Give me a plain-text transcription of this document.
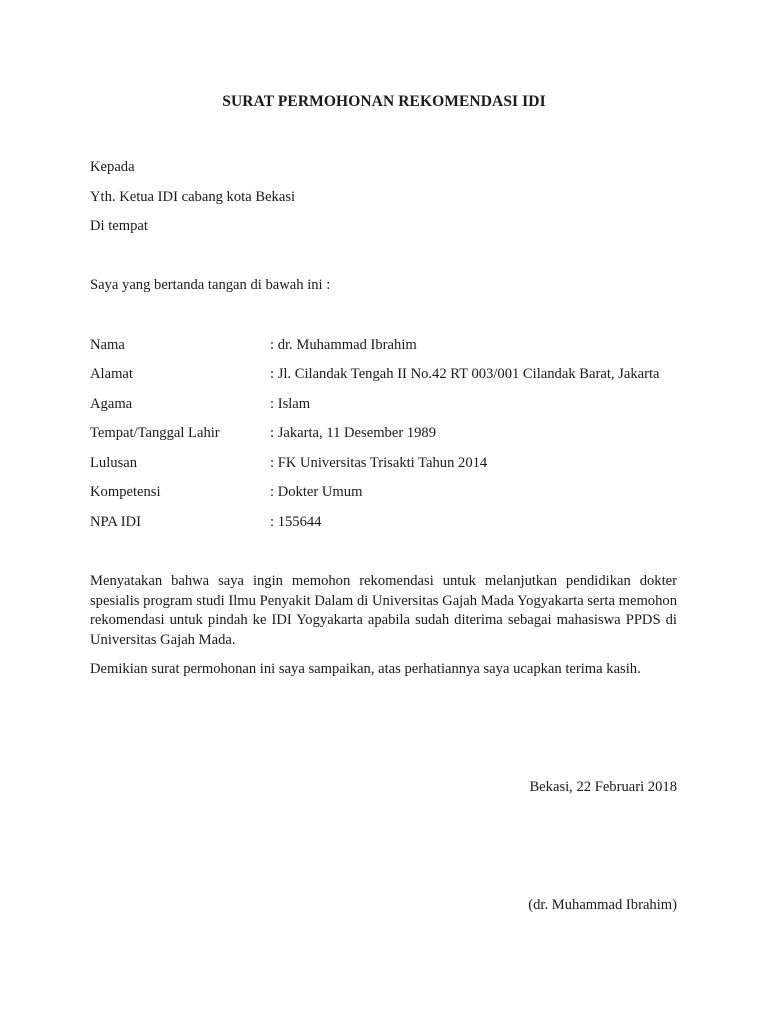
SURAT PERMOHONAN REKOMENDASI IDI
Kepada
Yth. Ketua IDI cabang kota Bekasi
Di tempat
Saya yang bertanda tangan di bawah ini :
Nama	: dr. Muhammad Ibrahim
Alamat	: Jl. Cilandak Tengah II No.42 RT 003/001 Cilandak Barat, Jakarta
Agama	: Islam
Tempat/Tanggal Lahir	: Jakarta, 11 Desember 1989
Lulusan	: FK Universitas Trisakti Tahun 2014
Kompetensi	: Dokter Umum
NPA IDI	: 155644
Menyatakan bahwa saya ingin memohon rekomendasi untuk melanjutkan pendidikan dokter spesialis program studi Ilmu Penyakit Dalam di Universitas Gajah Mada Yogyakarta serta memohon rekomendasi untuk pindah ke IDI Yogyakarta apabila sudah diterima sebagai mahasiswa PPDS di Universitas Gajah Mada.
Demikian surat permohonan ini saya sampaikan, atas perhatiannya saya ucapkan terima kasih.
Bekasi, 22 Februari 2018
(dr. Muhammad Ibrahim)
